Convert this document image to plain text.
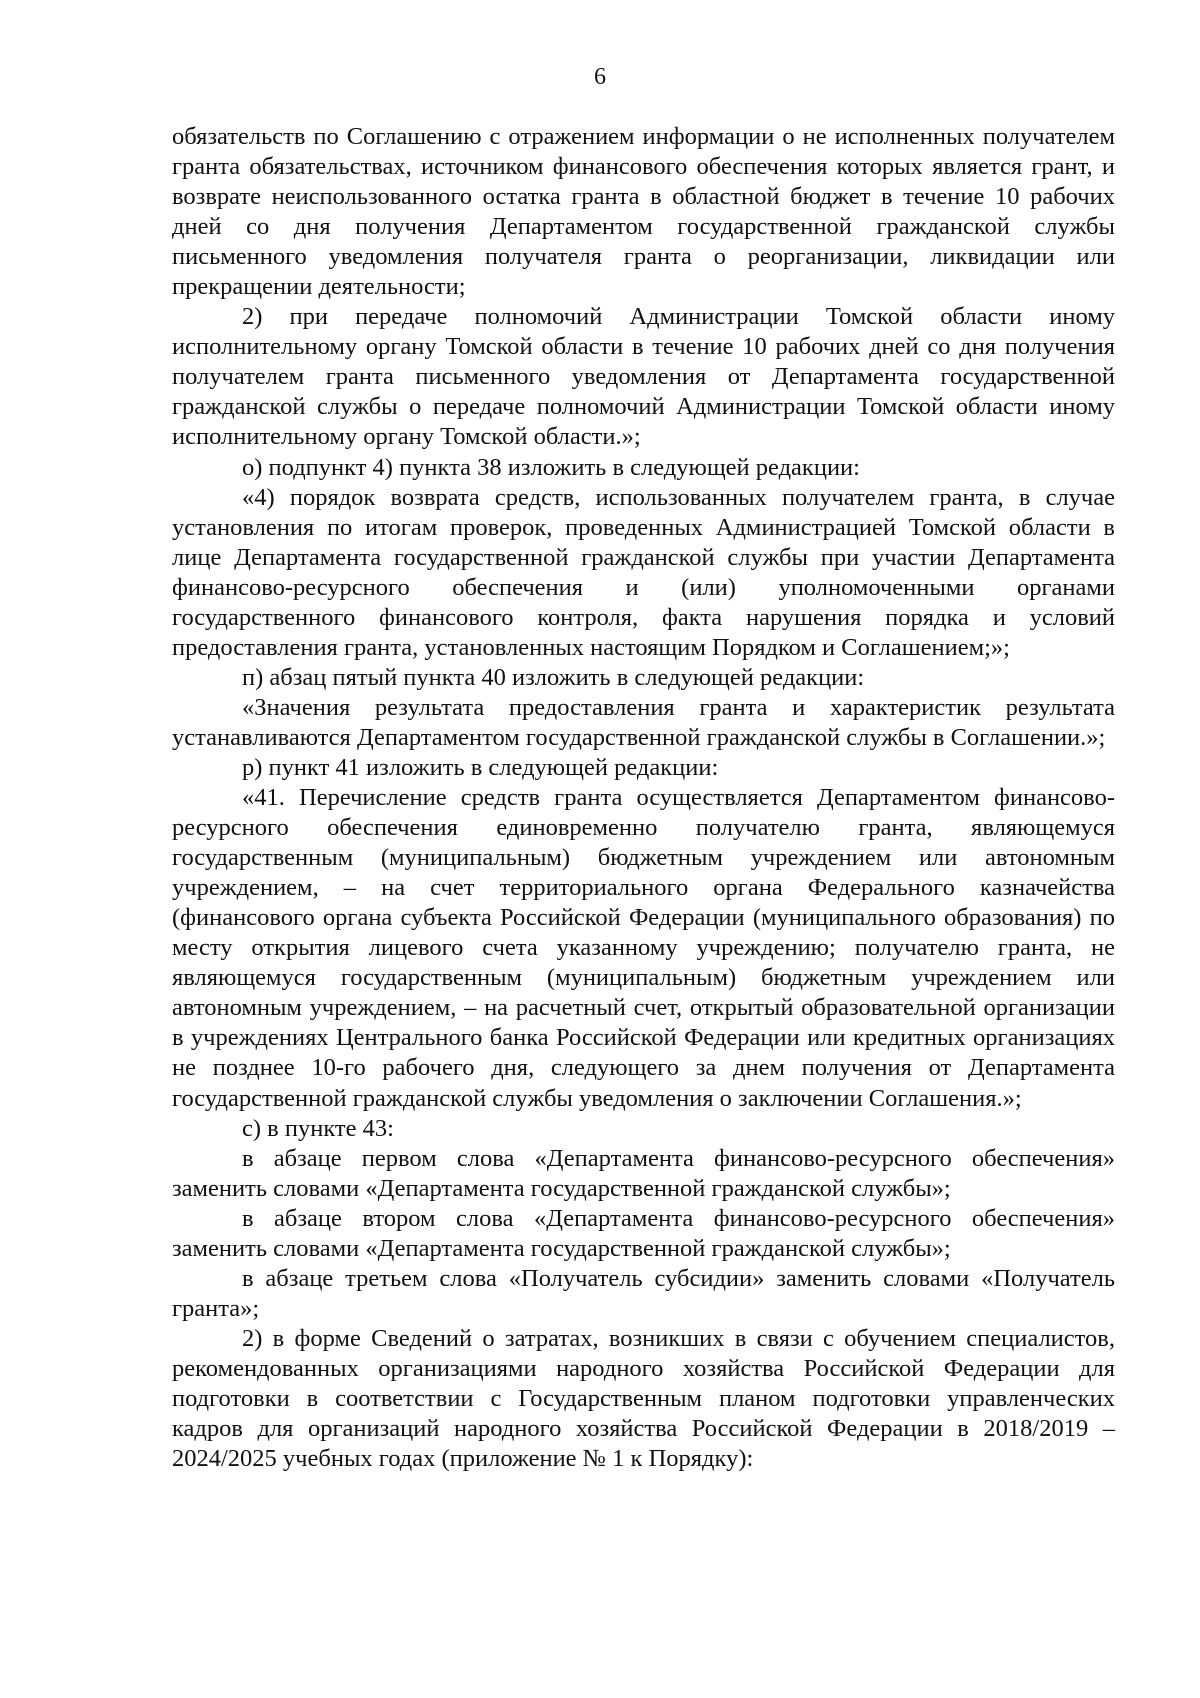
6

обязательств по Соглашению с отражением информации о не исполненных получателем гранта обязательствах, источником финансового обеспечения которых является грант, и возврате неиспользованного остатка гранта в областной бюджет в течение 10 рабочих дней со дня получения Департаментом государственной гражданской службы письменного уведомления получателя гранта о реорганизации, ликвидации или прекращении деятельности;

2) при передаче полномочий Администрации Томской области иному исполнительному органу Томской области в течение 10 рабочих дней со дня получения получателем гранта письменного уведомления от Департамента государственной гражданской службы о передаче полномочий Администрации Томской области иному исполнительному органу Томской области.»;

о) подпункт 4) пункта 38 изложить в следующей редакции:

«4) порядок возврата средств, использованных получателем гранта, в случае установления по итогам проверок, проведенных Администрацией Томской области в лице Департамента государственной гражданской службы при участии Департамента финансово-ресурсного обеспечения и (или) уполномоченными органами государственного финансового контроля, факта нарушения порядка и условий предоставления гранта, установленных настоящим Порядком и Соглашением;»;

п) абзац пятый пункта 40 изложить в следующей редакции:

«Значения результата предоставления гранта и характеристик результата устанавливаются Департаментом государственной гражданской службы в Соглашении.»;

р) пункт 41 изложить в следующей редакции:

«41. Перечисление средств гранта осуществляется Департаментом финансово-ресурсного обеспечения единовременно получателю гранта, являющемуся государственным (муниципальным) бюджетным учреждением или автономным учреждением, – на счет территориального органа Федерального казначейства (финансового органа субъекта Российской Федерации (муниципального образования) по месту открытия лицевого счета указанному учреждению; получателю гранта, не являющемуся государственным (муниципальным) бюджетным учреждением или автономным учреждением, – на расчетный счет, открытый образовательной организации в учреждениях Центрального банка Российской Федерации или кредитных организациях не позднее 10-го рабочего дня, следующего за днем получения от Департамента государственной гражданской службы уведомления о заключении Соглашения.»;

с) в пункте 43:

в абзаце первом слова «Департамента финансово-ресурсного обеспечения» заменить словами «Департамента государственной гражданской службы»;

в абзаце втором слова «Департамента финансово-ресурсного обеспечения» заменить словами «Департамента государственной гражданской службы»;

в абзаце третьем слова «Получатель субсидии» заменить словами «Получатель гранта»;

2) в форме Сведений о затратах, возникших в связи с обучением специалистов, рекомендованных организациями народного хозяйства Российской Федерации для подготовки в соответствии с Государственным планом подготовки управленческих кадров для организаций народного хозяйства Российской Федерации в 2018/2019 – 2024/2025 учебных годах (приложение № 1 к Порядку):
